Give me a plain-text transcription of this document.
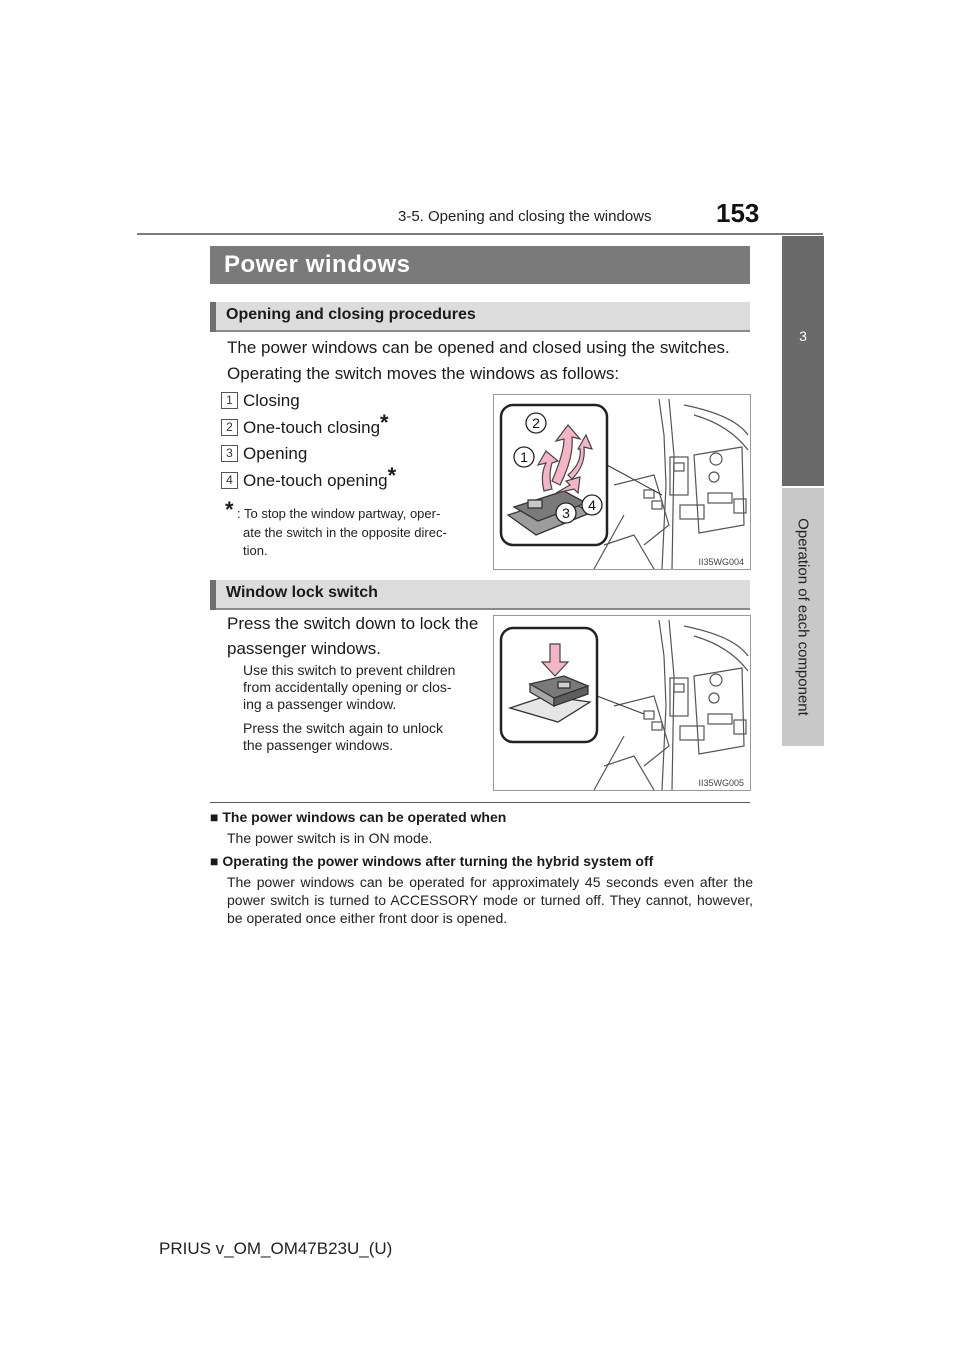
3-5. Opening and closing the windows 153
3
Operation of each component
Power windows
Opening and closing procedures
The power windows can be opened and closed using the switches.
Operating the switch moves the windows as follows:
1 Closing
2 One-touch closing*
3 Opening
4 One-touch opening*
* : To stop the window partway, oper-
ate the switch in the opposite direc-
tion.
2
1
3 4
II35WG004
Window lock switch
Press the switch down to lock the
passenger windows.
Use this switch to prevent children
from accidentally opening or clos-
ing a passenger window.
Press the switch again to unlock
the passenger windows.
II35WG005
■ The power windows can be operated when
The power switch is in ON mode.
■ Operating the power windows after turning the hybrid system off
The power windows can be operated for approximately 45 seconds even after the power switch is turned to ACCESSORY mode or turned off. They cannot, however, be operated once either front door is opened.
PRIUS v_OM_OM47B23U_(U)
